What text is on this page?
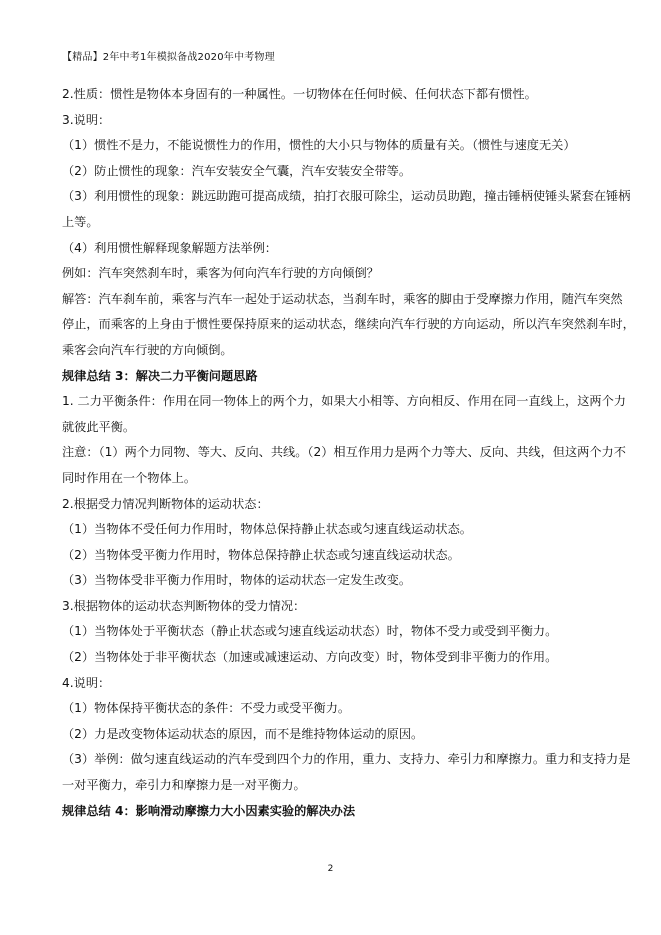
【精品】2年中考1年模拟备战2020年中考物理
2.性质：惯性是物体本身固有的一种属性。一切物体在任何时候、任何状态下都有惯性。
3.说明：
（1）惯性不是力，不能说惯性力的作用，惯性的大小只与物体的质量有关。（惯性与速度无关）
（2）防止惯性的现象：汽车安装安全气囊，汽车安装安全带等。
（3）利用惯性的现象：跳远助跑可提高成绩，拍打衣服可除尘，运动员助跑，撞击锤柄使锤头紧套在锤柄
上等。
（4）利用惯性解释现象解题方法举例：
例如：汽车突然刹车时，乘客为何向汽车行驶的方向倾倒？
解答：汽车刹车前，乘客与汽车一起处于运动状态，当刹车时，乘客的脚由于受摩擦力作用，随汽车突然
停止，而乘客的上身由于惯性要保持原来的运动状态，继续向汽车行驶的方向运动，所以汽车突然刹车时，
乘客会向汽车行驶的方向倾倒。
规律总结 3：解决二力平衡问题思路
1. 二力平衡条件：作用在同一物体上的两个力，如果大小相等、方向相反、作用在同一直线上，这两个力
就彼此平衡。
注意：（1）两个力同物、等大、反向、共线。（2）相互作用力是两个力等大、反向、共线，但这两个力不
同时作用在一个物体上。
2.根据受力情况判断物体的运动状态：
（1）当物体不受任何力作用时，物体总保持静止状态或匀速直线运动状态。
（2）当物体受平衡力作用时，物体总保持静止状态或匀速直线运动状态。
（3）当物体受非平衡力作用时，物体的运动状态一定发生改变。
3.根据物体的运动状态判断物体的受力情况：
（1）当物体处于平衡状态（静止状态或匀速直线运动状态）时，物体不受力或受到平衡力。
（2）当物体处于非平衡状态（加速或减速运动、方向改变）时，物体受到非平衡力的作用。
4.说明：
（1）物体保持平衡状态的条件：不受力或受平衡力。
（2）力是改变物体运动状态的原因，而不是维持物体运动的原因。
（3）举例：做匀速直线运动的汽车受到四个力的作用，重力、支持力、牵引力和摩擦力。重力和支持力是
一对平衡力，牵引力和摩擦力是一对平衡力。
规律总结 4：影响滑动摩擦力大小因素实验的解决办法
2
